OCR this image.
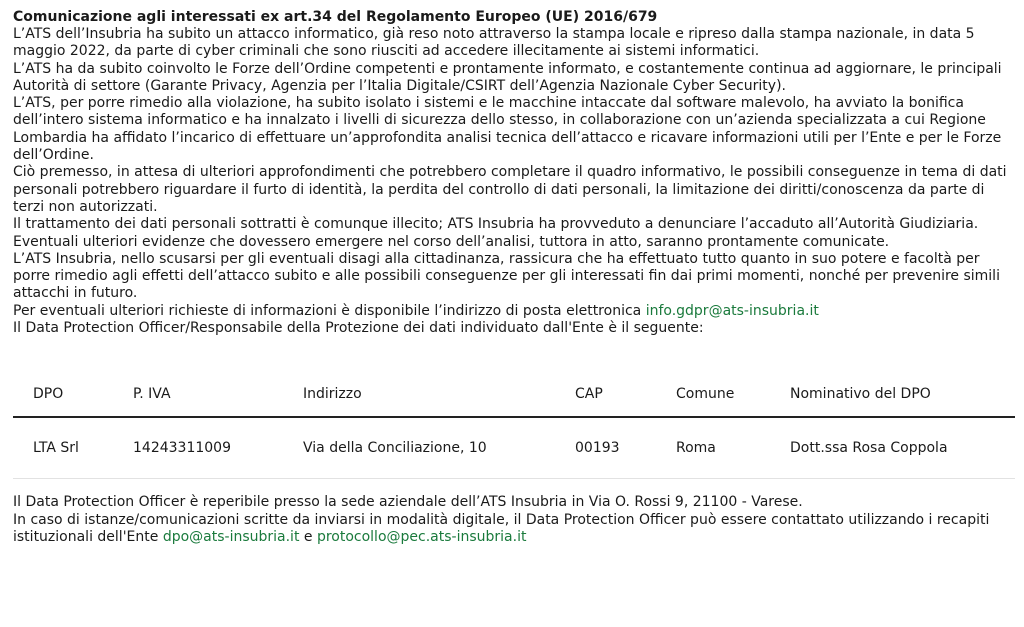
Comunicazione agli interessati ex art.34 del Regolamento Europeo (UE) 2016/679

L’ATS dell’Insubria ha subito un attacco informatico, già reso noto attraverso la stampa locale e ripreso dalla stampa nazionale, in data 5 maggio 2022, da parte di cyber criminali che sono riusciti ad accedere illecitamente ai sistemi informatici.

L’ATS ha da subito coinvolto le Forze dell’Ordine competenti e prontamente informato, e costantemente continua ad aggiornare, le principali Autorità di settore (Garante Privacy, Agenzia per l’Italia Digitale/CSIRT dell’Agenzia Nazionale Cyber Security).

L’ATS, per porre rimedio alla violazione, ha subito isolato i sistemi e le macchine intaccate dal software malevolo, ha avviato la bonifica dell’intero sistema informatico e ha innalzato i livelli di sicurezza dello stesso, in collaborazione con un’azienda specializzata a cui Regione Lombardia ha affidato l’incarico di effettuare un’approfondita analisi tecnica dell’attacco e ricavare informazioni utili per l’Ente e per le Forze dell’Ordine.

Ciò premesso, in attesa di ulteriori approfondimenti che potrebbero completare il quadro informativo, le possibili conseguenze in tema di dati personali potrebbero riguardare il furto di identità, la perdita del controllo di dati personali, la limitazione dei diritti/conoscenza da parte di terzi non autorizzati.

Il trattamento dei dati personali sottratti è comunque illecito; ATS Insubria ha provveduto a denunciare l’accaduto all’Autorità Giudiziaria. Eventuali ulteriori evidenze che dovessero emergere nel corso dell’analisi, tuttora in atto, saranno prontamente comunicate.

L’ATS Insubria, nello scusarsi per gli eventuali disagi alla cittadinanza, rassicura che ha effettuato tutto quanto in suo potere e facoltà per porre rimedio agli effetti dell’attacco subito e alle possibili conseguenze per gli interessati fin dai primi momenti, nonché per prevenire simili attacchi in futuro.

Per eventuali ulteriori richieste di informazioni è disponibile l’indirizzo di posta elettronica info.gdpr@ats-insubria.it

Il Data Protection Officer/Responsabile della Protezione dei dati individuato dall'Ente è il seguente:

DPO	P. IVA	Indirizzo	CAP	Comune	Nominativo del DPO
LTA Srl	14243311009	Via della Conciliazione, 10	00193	Roma	Dott.ssa Rosa Coppola

Il Data Protection Officer è reperibile presso la sede aziendale dell’ATS Insubria in Via O. Rossi 9, 21100 - Varese.

In caso di istanze/comunicazioni scritte da inviarsi in modalità digitale, il Data Protection Officer può essere contattato utilizzando i recapiti istituzionali dell'Ente dpo@ats-insubria.it e protocollo@pec.ats-insubria.it
